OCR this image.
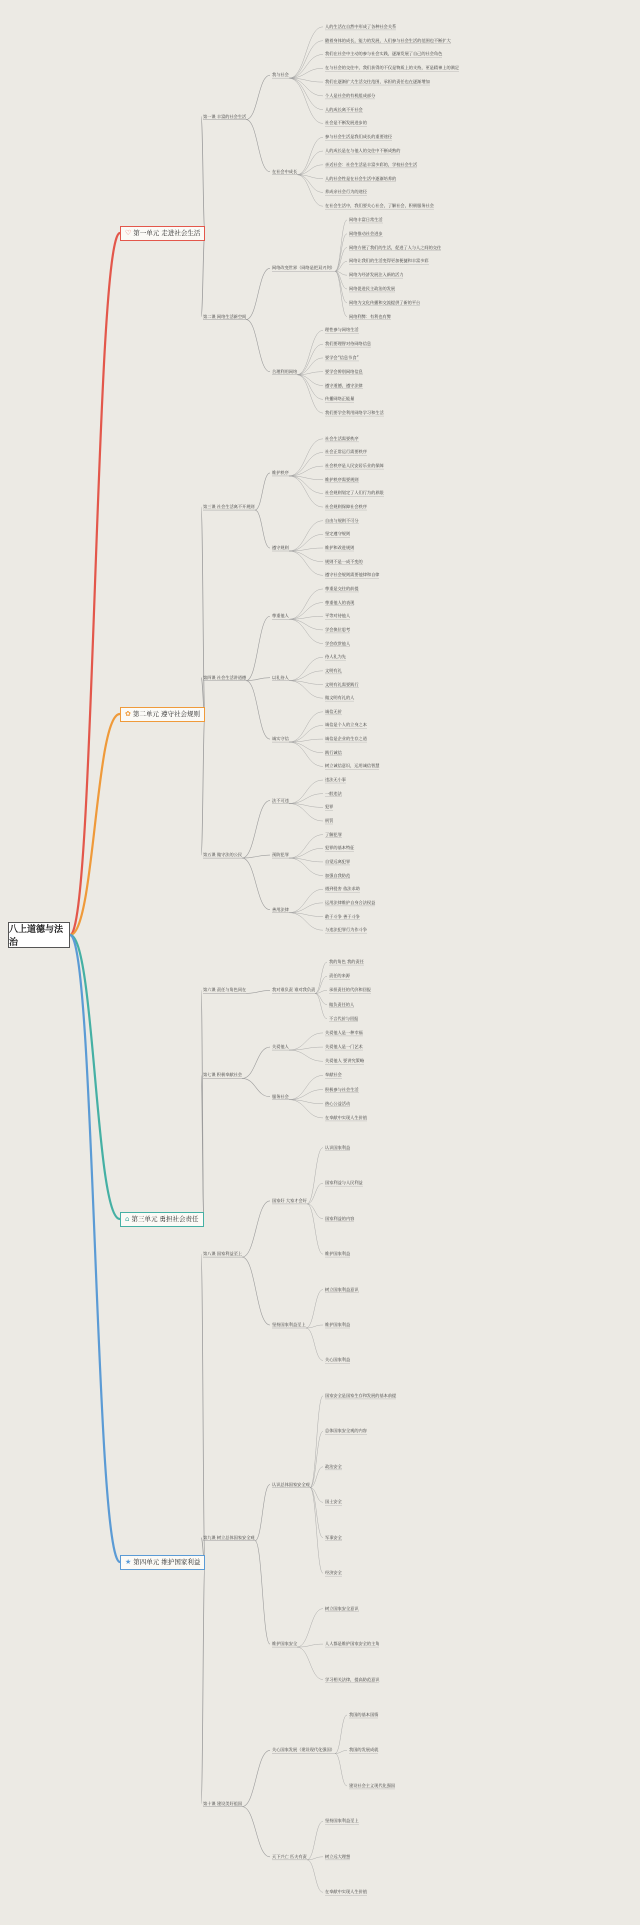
八上道德与法治
♡ 第一单元 走进社会生活
第一课 丰富的社会生活
我与社会
人的生活在自然中形成了各种社会关系
随着身体的成长，能力的发展，人们参与社会生活的范围也不断扩大
我们在社会中主动的参与社会实践，逐渐发展了自己的社会角色
在与社会的交往中，我们获得的不仅是物质上的支持，更是精神上的满足
我们在逐渐扩大生活交往范围，承担的责任也在逐渐增加
个人是社会的有机组成部分
人的成长离不开社会
社会是不断发展进步的
在社会中成长
参与社会生活是我们成长的重要途径
人的成长是在与他人的交往中不断成熟的
亲近社会：社会生活是丰富多彩的，学校社会生活
人的社会性是在社会生活中逐渐培养的
养成亲社会行为的途径
在社会生活中，我们要关心社会，了解社会，积极服务社会
第二课 网络生活新空间
网络改变世界（网络是把双刃剑）
网络丰富日常生活
网络推动社会进步
网络方便了我们的生活，促进了人与人之间的交往
网络让我们的生活变得更加便捷和丰富多彩
网络为经济发展注入新的活力
网络促进民主政治的发展
网络为文化传播和交流提供了新的平台
网络利弊：有利也有弊
合理利用网络
理性参与网络生活
我们要理智对待网络信息
要学会“信息节食”
要学会辨别网络信息
遵守道德，遵守法律
传播网络正能量
我们要学会利用网络学习和生活
✿ 第二单元 遵守社会规则
第三课 社会生活离不开规则
维护秩序
社会生活需要秩序
社会正常运行需要秩序
社会秩序是人民安居乐业的保障
维护秩序需要规则
社会规则划定了人们行为的界限
社会规则保障社会秩序
遵守规则
自由与规则不可分
坚定遵守规则
维护和改进规则
规则不是一成不变的
遵守社会规则需要他律和自律
第四课 社会生活讲道德
尊重他人
尊重是交往的前提
尊重他人的表现
平等对待他人
学会换位思考
学会欣赏他人
以礼待人
待人礼为先
文明有礼
文明有礼需要践行
做文明有礼的人
诚实守信
诚信无价
诚信是个人的立身之本
诚信是企业的生存之道
践行诚信
树立诚信意识，运用诚信智慧
第五课 做守法的公民
法不可违
违法无小事
一般违法
犯罪
刑罚
预防犯罪
了解犯罪
犯罪的基本特征
自觉远离犯罪
加强自我防范
善用法律
遇到侵害 依法求助
运用法律维护自身合法权益
敢于斗争 善于斗争
与违法犯罪行为作斗争
⌂ 第三单元 勇担社会责任
第六课 责任与角色同在	我对谁负责 谁对我负责
我的角色 我的责任
责任的来源
承担责任的代价和回报
做负责任的人
不言代价与回报
第七课 积极奉献社会
关爱他人
关爱他人是一种幸福
关爱他人是一门艺术
关爱他人 要讲究策略
服务社会
奉献社会
积极参与社会生活
热心公益活动
在奉献中实现人生价值
★ 第四单元 维护国家利益
第八课 国家利益至上
国家好 大家才会好
认识国家利益
国家利益与人民利益
国家利益的内容
维护国家利益
坚持国家利益至上
树立国家利益意识
维护国家利益
关心国家利益
第九课 树立总体国家安全观
认识总体国家安全观
国家安全是国家生存和发展的基本前提
总体国家安全观的内容
政治安全
国土安全
军事安全
经济安全
维护国家安全
树立国家安全意识
人人都是维护国家安全的主角
学习相关法律，提高防范意识
第十课 建设美好祖国
关心国家发展（建设现代化强国）
我国的基本国情
我国的发展成就
建设社会主义现代化强国
天下兴亡 匹夫有责
坚持国家利益至上
树立远大理想
在奉献中实现人生价值
